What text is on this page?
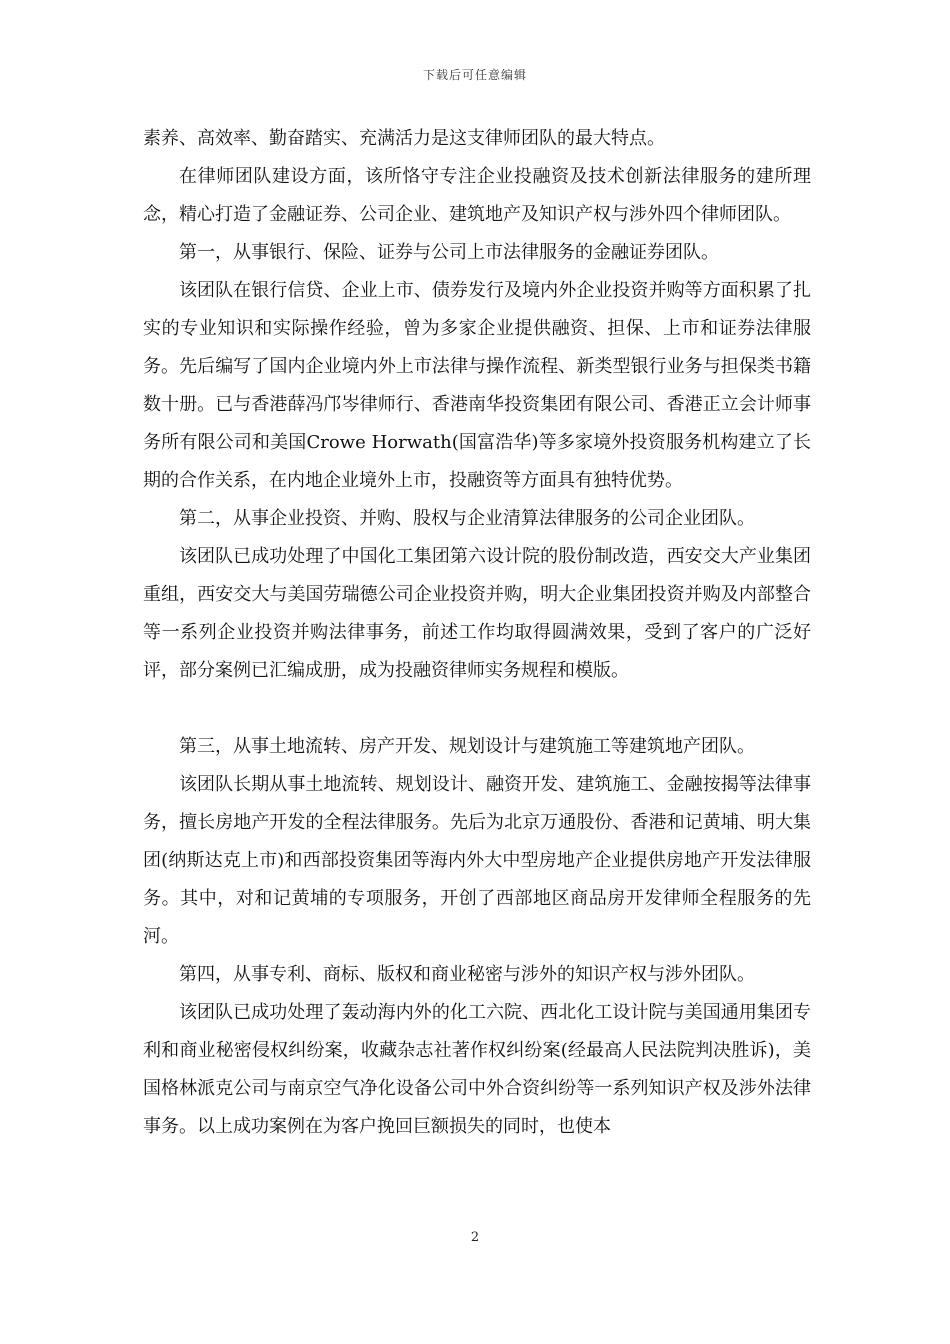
下载后可任意编辑

素养、高效率、勤奋踏实、充满活力是这支律师团队的最大特点。

在律师团队建设方面，该所恪守专注企业投融资及技术创新法律服务的建所理念，精心打造了金融证券、公司企业、建筑地产及知识产权与涉外四个律师团队。

第一，从事银行、保险、证券与公司上市法律服务的金融证券团队。

该团队在银行信贷、企业上市、债券发行及境内外企业投资并购等方面积累了扎实的专业知识和实际操作经验，曾为多家企业提供融资、担保、上市和证券法律服务。先后编写了国内企业境内外上市法律与操作流程、新类型银行业务与担保类书籍数十册。已与香港薛冯邝岑律师行、香港南华投资集团有限公司、香港正立会计师事务所有限公司和美国Crowe Horwath(国富浩华)等多家境外投资服务机构建立了长期的合作关系，在内地企业境外上市，投融资等方面具有独特优势。

第二，从事企业投资、并购、股权与企业清算法律服务的公司企业团队。

该团队已成功处理了中国化工集团第六设计院的股份制改造，西安交大产业集团重组，西安交大与美国劳瑞德公司企业投资并购，明大企业集团投资并购及内部整合等一系列企业投资并购法律事务，前述工作均取得圆满效果，受到了客户的广泛好评，部分案例已汇编成册，成为投融资律师实务规程和模版。

第三，从事土地流转、房产开发、规划设计与建筑施工等建筑地产团队。

该团队长期从事土地流转、规划设计、融资开发、建筑施工、金融按揭等法律事务，擅长房地产开发的全程法律服务。先后为北京万通股份、香港和记黄埔、明大集团(纳斯达克上市)和西部投资集团等海内外大中型房地产企业提供房地产开发法律服务。其中，对和记黄埔的专项服务，开创了西部地区商品房开发律师全程服务的先河。

第四，从事专利、商标、版权和商业秘密与涉外的知识产权与涉外团队。

该团队已成功处理了轰动海内外的化工六院、西北化工设计院与美国通用集团专利和商业秘密侵权纠纷案，收藏杂志社著作权纠纷案(经最高人民法院判决胜诉)，美国格林派克公司与南京空气净化设备公司中外合资纠纷等一系列知识产权及涉外法律事务。以上成功案例在为客户挽回巨额损失的同时，也使本

2
